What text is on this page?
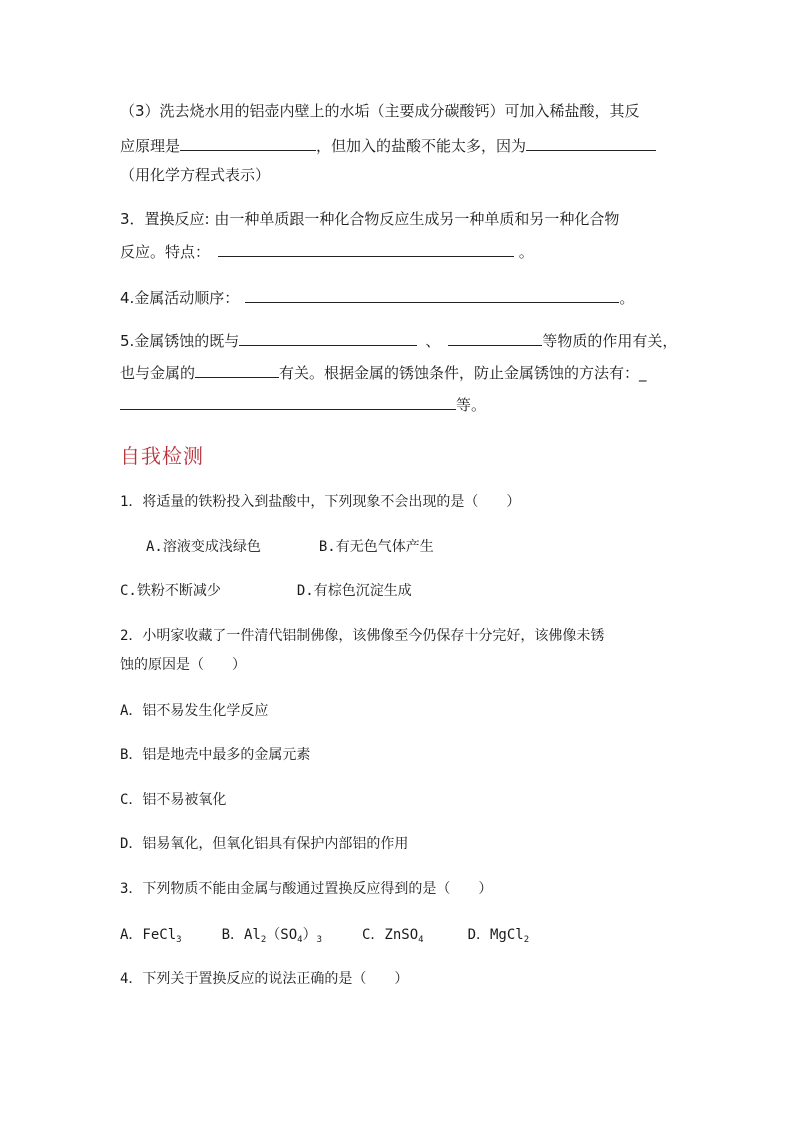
（3）洗去烧水用的铝壶内壁上的水垢（主要成分碳酸钙）可加入稀盐酸，其反
应原理是	，但加入的盐酸不能太多，因为
（用化学方程式表示）
3．置换反应: 由一种单质跟一种化合物反应生成另一种单质和另一种化合物
反应。特点：	。
4.金属活动顺序：	。
5.金属锈蚀的既与	、	等物质的作用有关，
也与金属的	有关。根据金属的锈蚀条件，防止金属锈蚀的方法有：_
等。
自我检测
1．将适量的铁粉投入到盐酸中，下列现象不会出现的是（　　）
A.溶液变成浅绿色	B.有无色气体产生
C.铁粉不断减少	D.有棕色沉淀生成
2．小明家收藏了一件清代铝制佛像，该佛像至今仍保存十分完好，该佛像未锈
蚀的原因是（　　）
A．铝不易发生化学反应
B．铝是地壳中最多的金属元素
C．铝不易被氧化
D．铝易氧化，但氧化铝具有保护内部铝的作用
3．下列物质不能由金属与酸通过置换反应得到的是（　　）
A．FeCl$_3$	B．$Al_2(SO_4)_3$	C．ZnSO$_4$	D．MgCl$_2$
4．下列关于置换反应的说法正确的是（　　）
